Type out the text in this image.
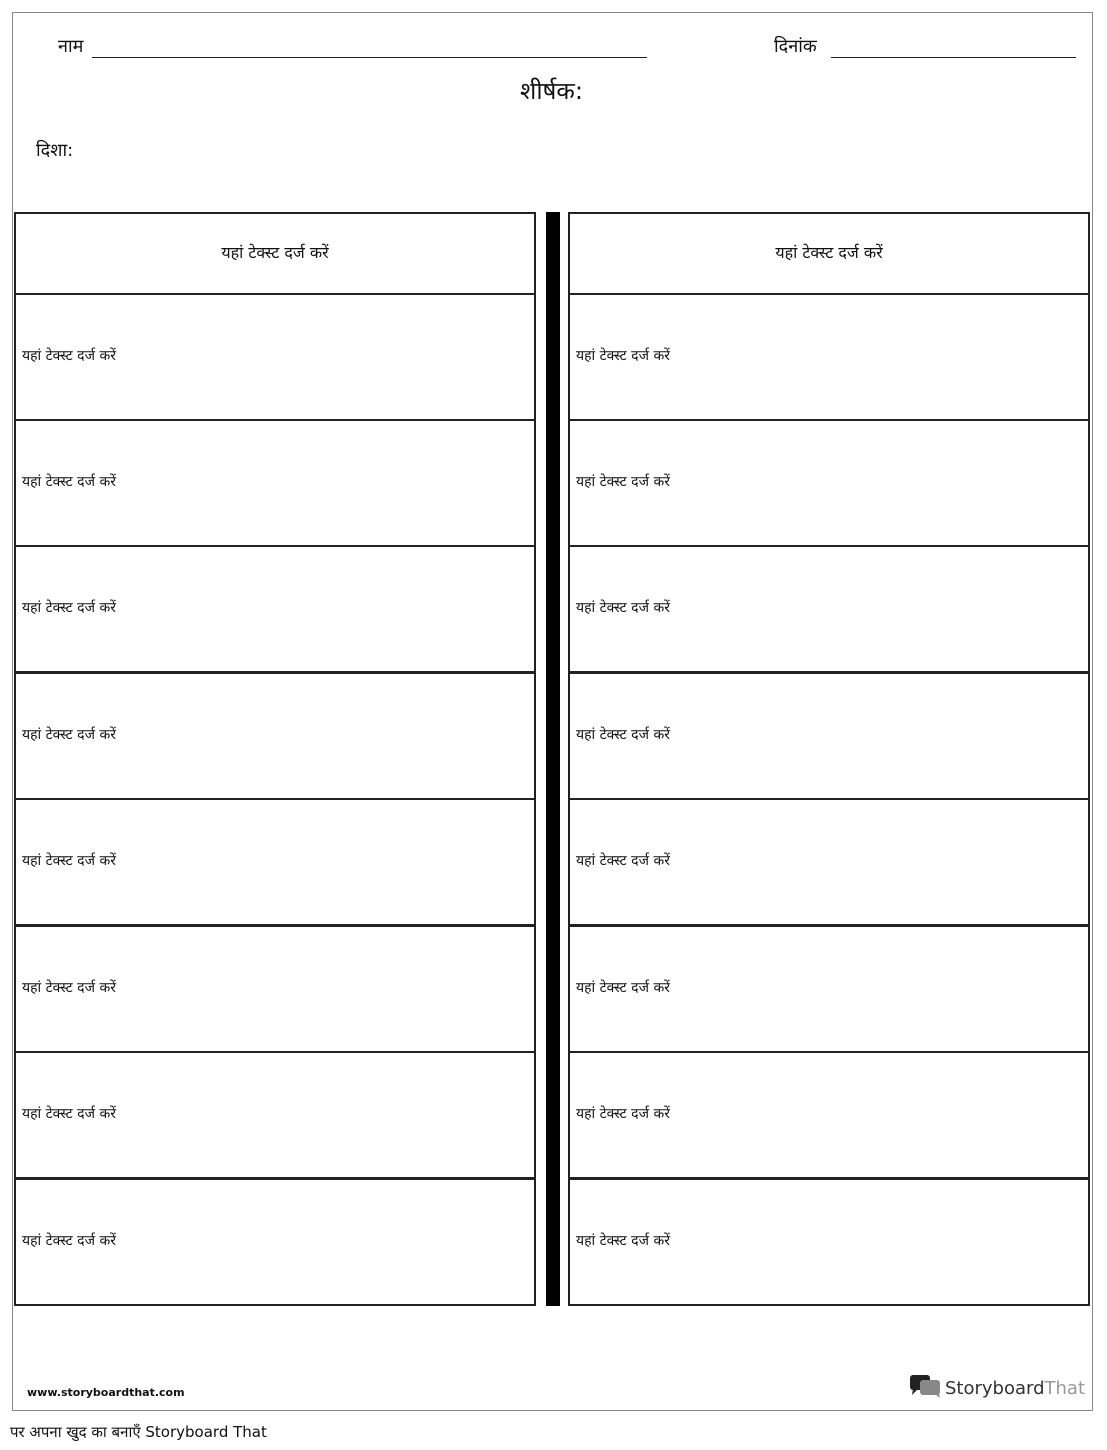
नाम	दिनांक
शीर्षक:
दिशा:
यहां टेक्स्ट दर्ज करें
यहां टेक्स्ट दर्ज करें
यहां टेक्स्ट दर्ज करें
यहां टेक्स्ट दर्ज करें
यहां टेक्स्ट दर्ज करें
यहां टेक्स्ट दर्ज करें
यहां टेक्स्ट दर्ज करें
यहां टेक्स्ट दर्ज करें
यहां टेक्स्ट दर्ज करें
यहां टेक्स्ट दर्ज करें
यहां टेक्स्ट दर्ज करें
यहां टेक्स्ट दर्ज करें
यहां टेक्स्ट दर्ज करें
यहां टेक्स्ट दर्ज करें
यहां टेक्स्ट दर्ज करें
यहां टेक्स्ट दर्ज करें
यहां टेक्स्ट दर्ज करें
यहां टेक्स्ट दर्ज करें
www.storyboardthat.com	Storyboard That
पर अपना खुद का बनाएँ Storyboard That
